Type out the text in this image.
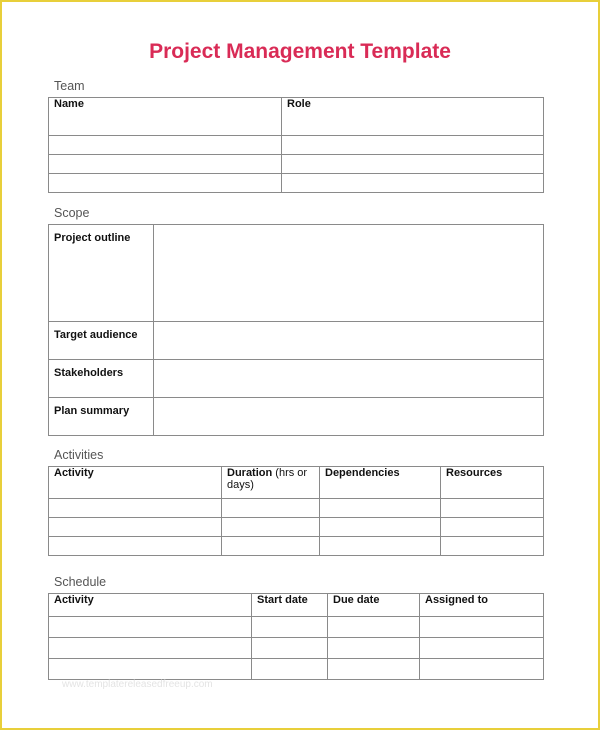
Project Management Template
Team
Name	Role

Scope
Project outline	
Target audience	
Stakeholders	
Plan summary	
Activities
Activity	Duration (hrs or days)	Dependencies	Resources

Schedule
Activity	Start date	Due date	Assigned to

www.templatereleasedfreeup.com
